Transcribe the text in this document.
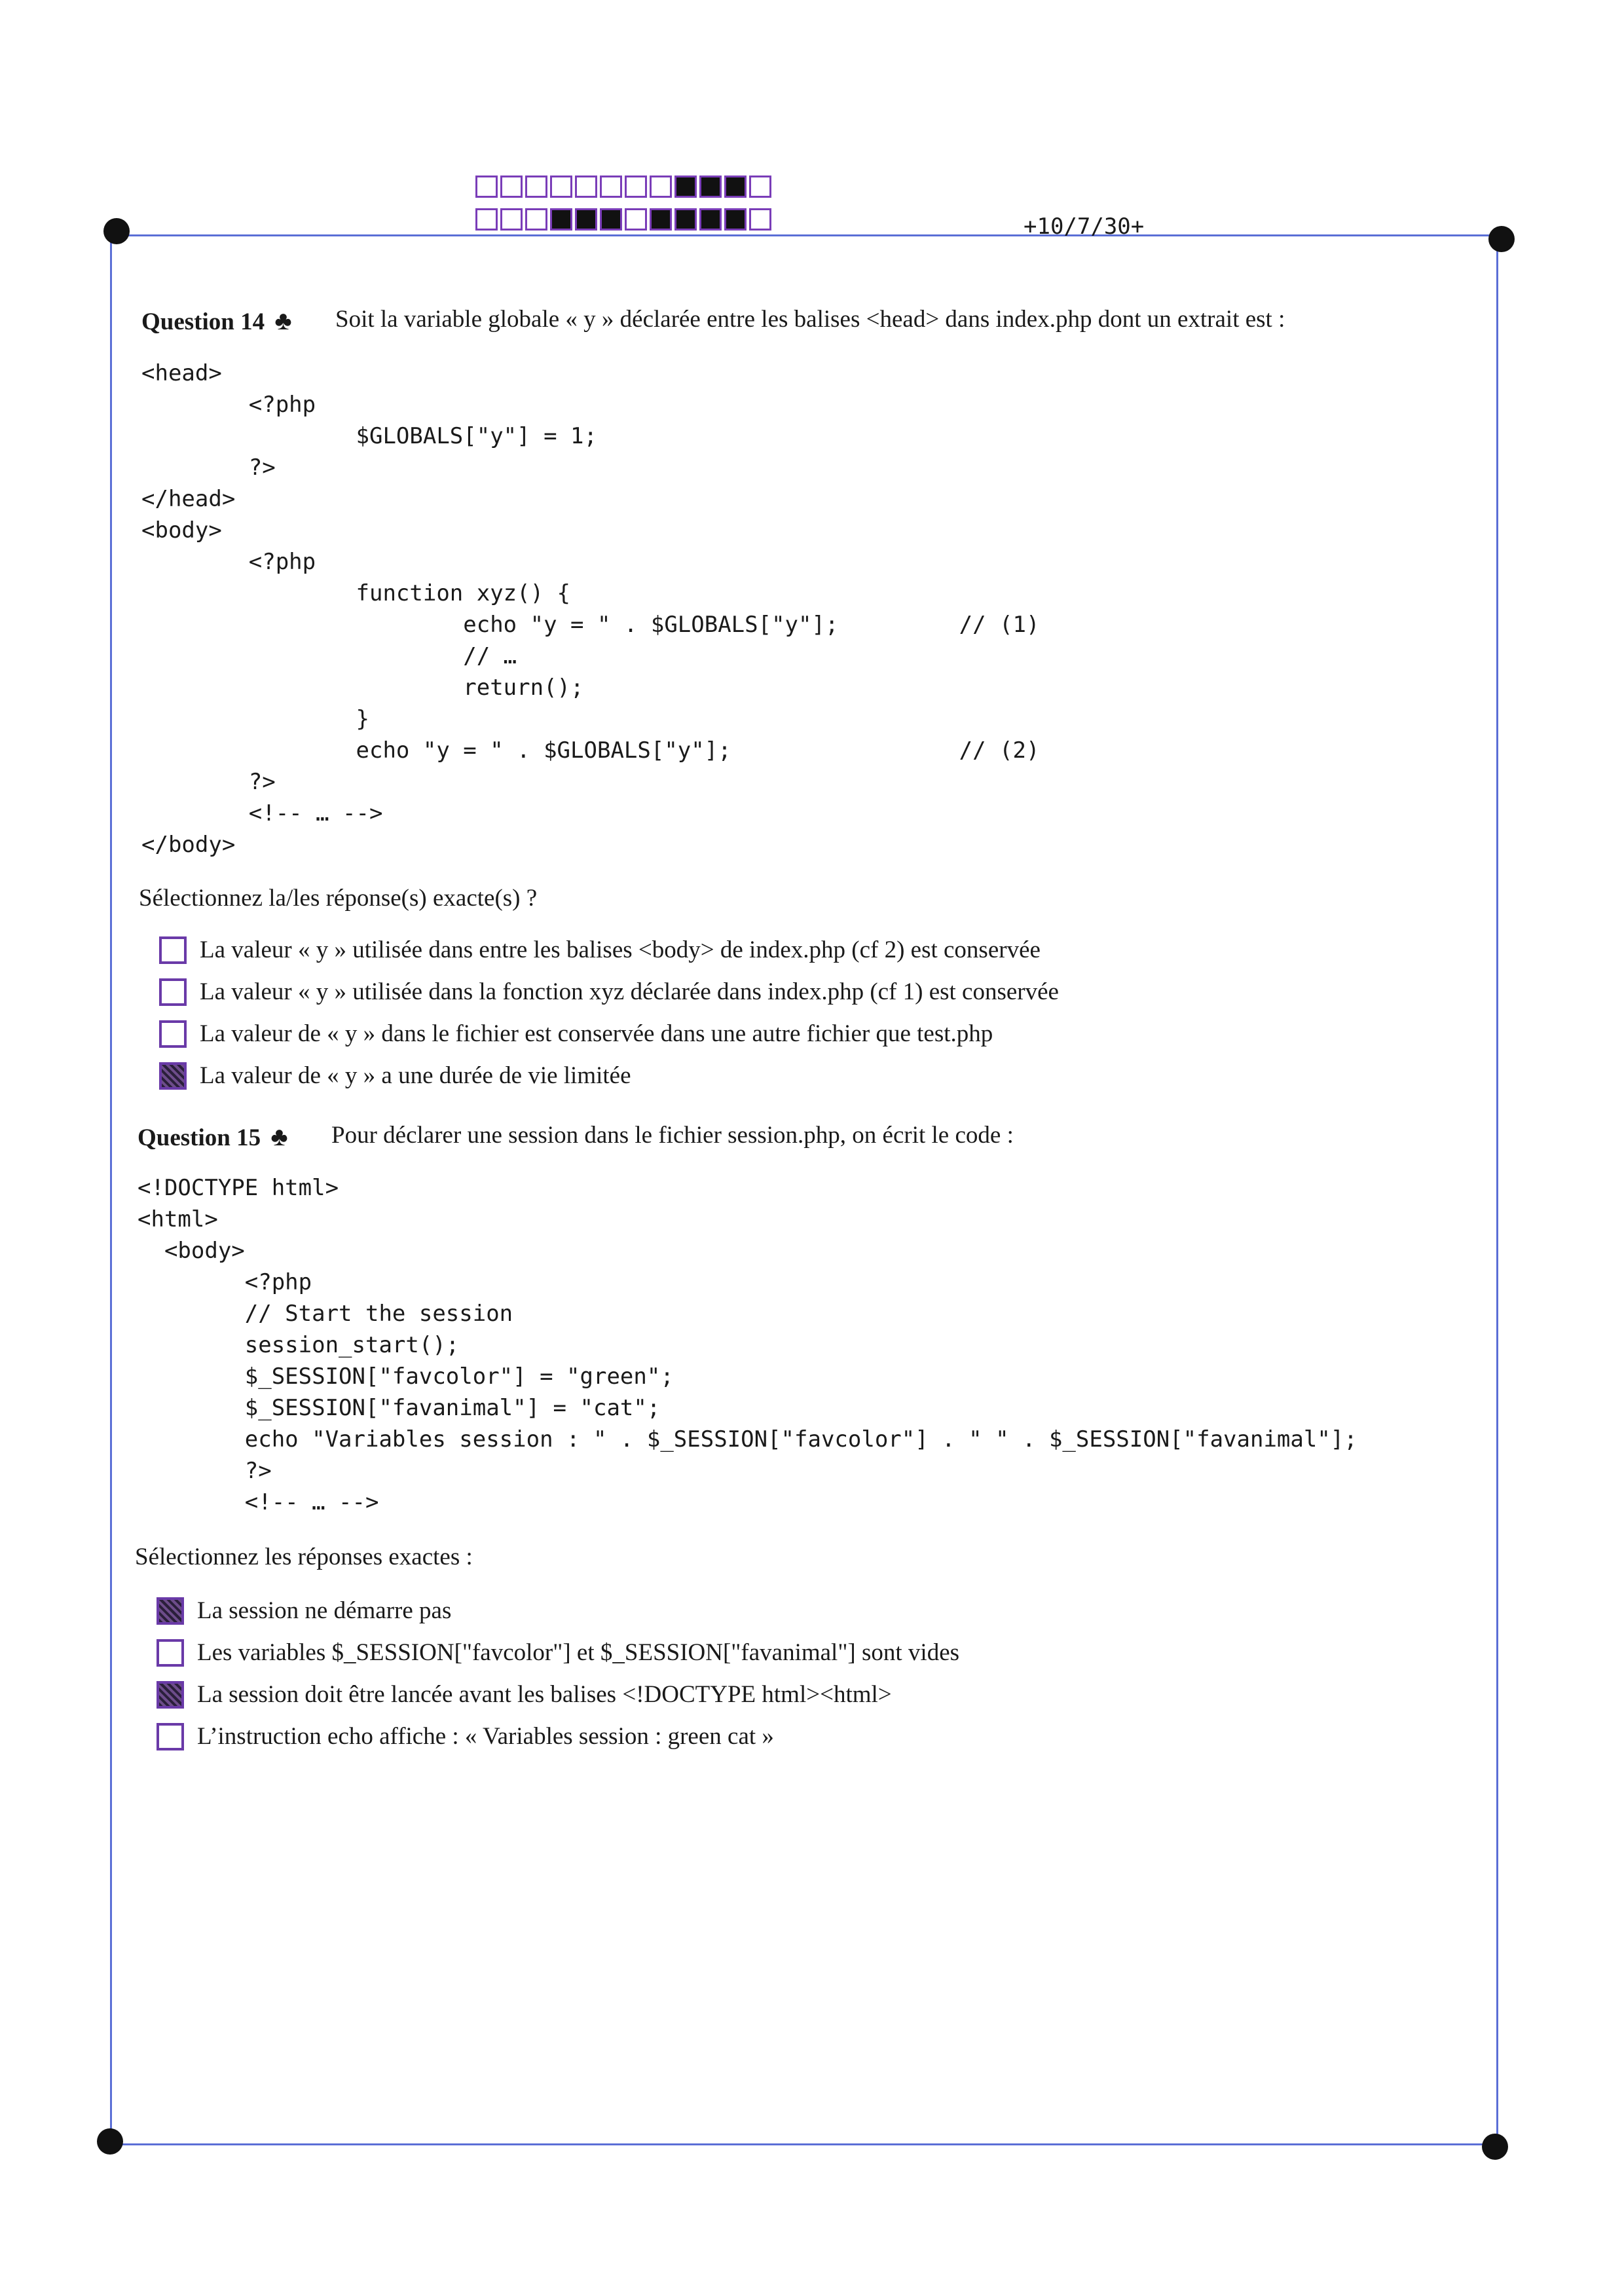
+10/7/30+
Question 14 ♣ Soit la variable globale « y » déclarée entre les balises <head> dans index.php dont un extrait est :
<head>
<?php
$GLOBALS["y"] = 1;
?>
</head>
<body>
<?php
function xyz() {
echo "y = " . $GLOBALS["y"];         // (1)
// …
return();
}
echo "y = " . $GLOBALS["y"];                 // (2)
?>
<!-- … -->
</body>
Sélectionnez la/les réponse(s) exacte(s) ?
La valeur « y » utilisée dans entre les balises <body> de index.php (cf 2) est conservée
La valeur « y » utilisée dans la fonction xyz déclarée dans index.php (cf 1) est conservée
La valeur de « y » dans le fichier est conservée dans une autre fichier que test.php
La valeur de « y » a une durée de vie limitée
Question 15 ♣ Pour déclarer une session dans le fichier session.php, on écrit le code :
<!DOCTYPE html>
<html>
<body>
<?php
// Start the session
session_start();
$_SESSION["favcolor"] = "green";
$_SESSION["favanimal"] = "cat";
echo "Variables session : " . $_SESSION["favcolor"] . " " . $_SESSION["favanimal"];
?>
<!-- … -->
Sélectionnez les réponses exactes :
La session ne démarre pas
Les variables $_SESSION["favcolor"] et $_SESSION["favanimal"] sont vides
La session doit être lancée avant les balises <!DOCTYPE html><html>
L’instruction echo affiche : « Variables session : green cat »
